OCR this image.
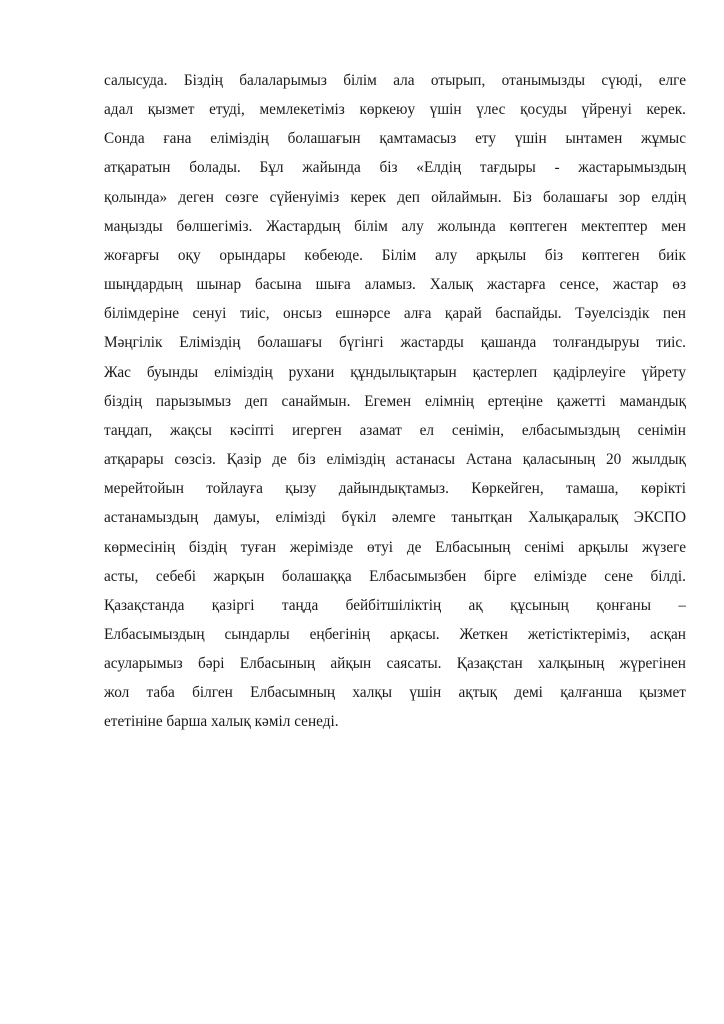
салысуда. Біздің балаларымыз білім ала отырып, отанымызды сүюді, елге
адал қызмет етуді, мемлекетіміз көркеюу үшін үлес қосуды үйренуі керек.
Сонда ғана еліміздің болашағын қамтамасыз ету үшін ынтамен жұмыс
атқаратын болады. Бұл жайында біз «Елдің тағдыры - жастарымыздың
қолында» деген сөзге сүйенуіміз керек деп ойлаймын. Біз болашағы зор елдің
маңызды бөлшегіміз. Жастардың білім алу жолында көптеген мектептер мен
жоғарғы оқу орындары көбеюде. Білім алу арқылы біз көптеген биік
шыңдардың шынар басына шыға аламыз. Халық жастарға сенсе, жастар өз
білімдеріне сенуі тиіс, онсыз ешнәрсе алға қарай баспайды. Тәуелсіздік пен
Мәңгілік Еліміздің болашағы бүгінгі жастарды қашанда толғандыруы тиіс.
Жас буынды еліміздің рухани құндылықтарын қастерлеп қадірлеуіге үйрету
біздің парызымыз деп санаймын. Егемен елімнің ертеңіне қажетті мамандық
таңдап, жақсы кәсіпті игерген азамат ел сенімін, елбасымыздың сенімін
атқарары сөзсіз. Қазір де біз еліміздің астанасы Астана қаласының 20 жылдық
мерейтойын тойлауға қызу дайындықтамыз. Көркейген, тамаша, көрікті
астанамыздың дамуы, елімізді бүкіл әлемге танытқан Халықаралық ЭКСПО
көрмесінің біздің туған жерімізде өтуі де Елбасының сенімі арқылы жүзеге
асты, себебі жарқын болашаққа Елбасымызбен бірге елімізде сене білді.
Қазақстанда қазіргі таңда бейбітшіліктің ақ құсының қонғаны –
Елбасымыздың сындарлы еңбегінің арқасы. Жеткен жетістіктеріміз, асқан
асуларымыз бәрі Елбасының айқын саясаты. Қазақстан халқының жүрегінен
жол таба білген Елбасымның халқы үшін ақтық демі қалғанша қызмет
ететініне барша халық кәміл сенеді.
